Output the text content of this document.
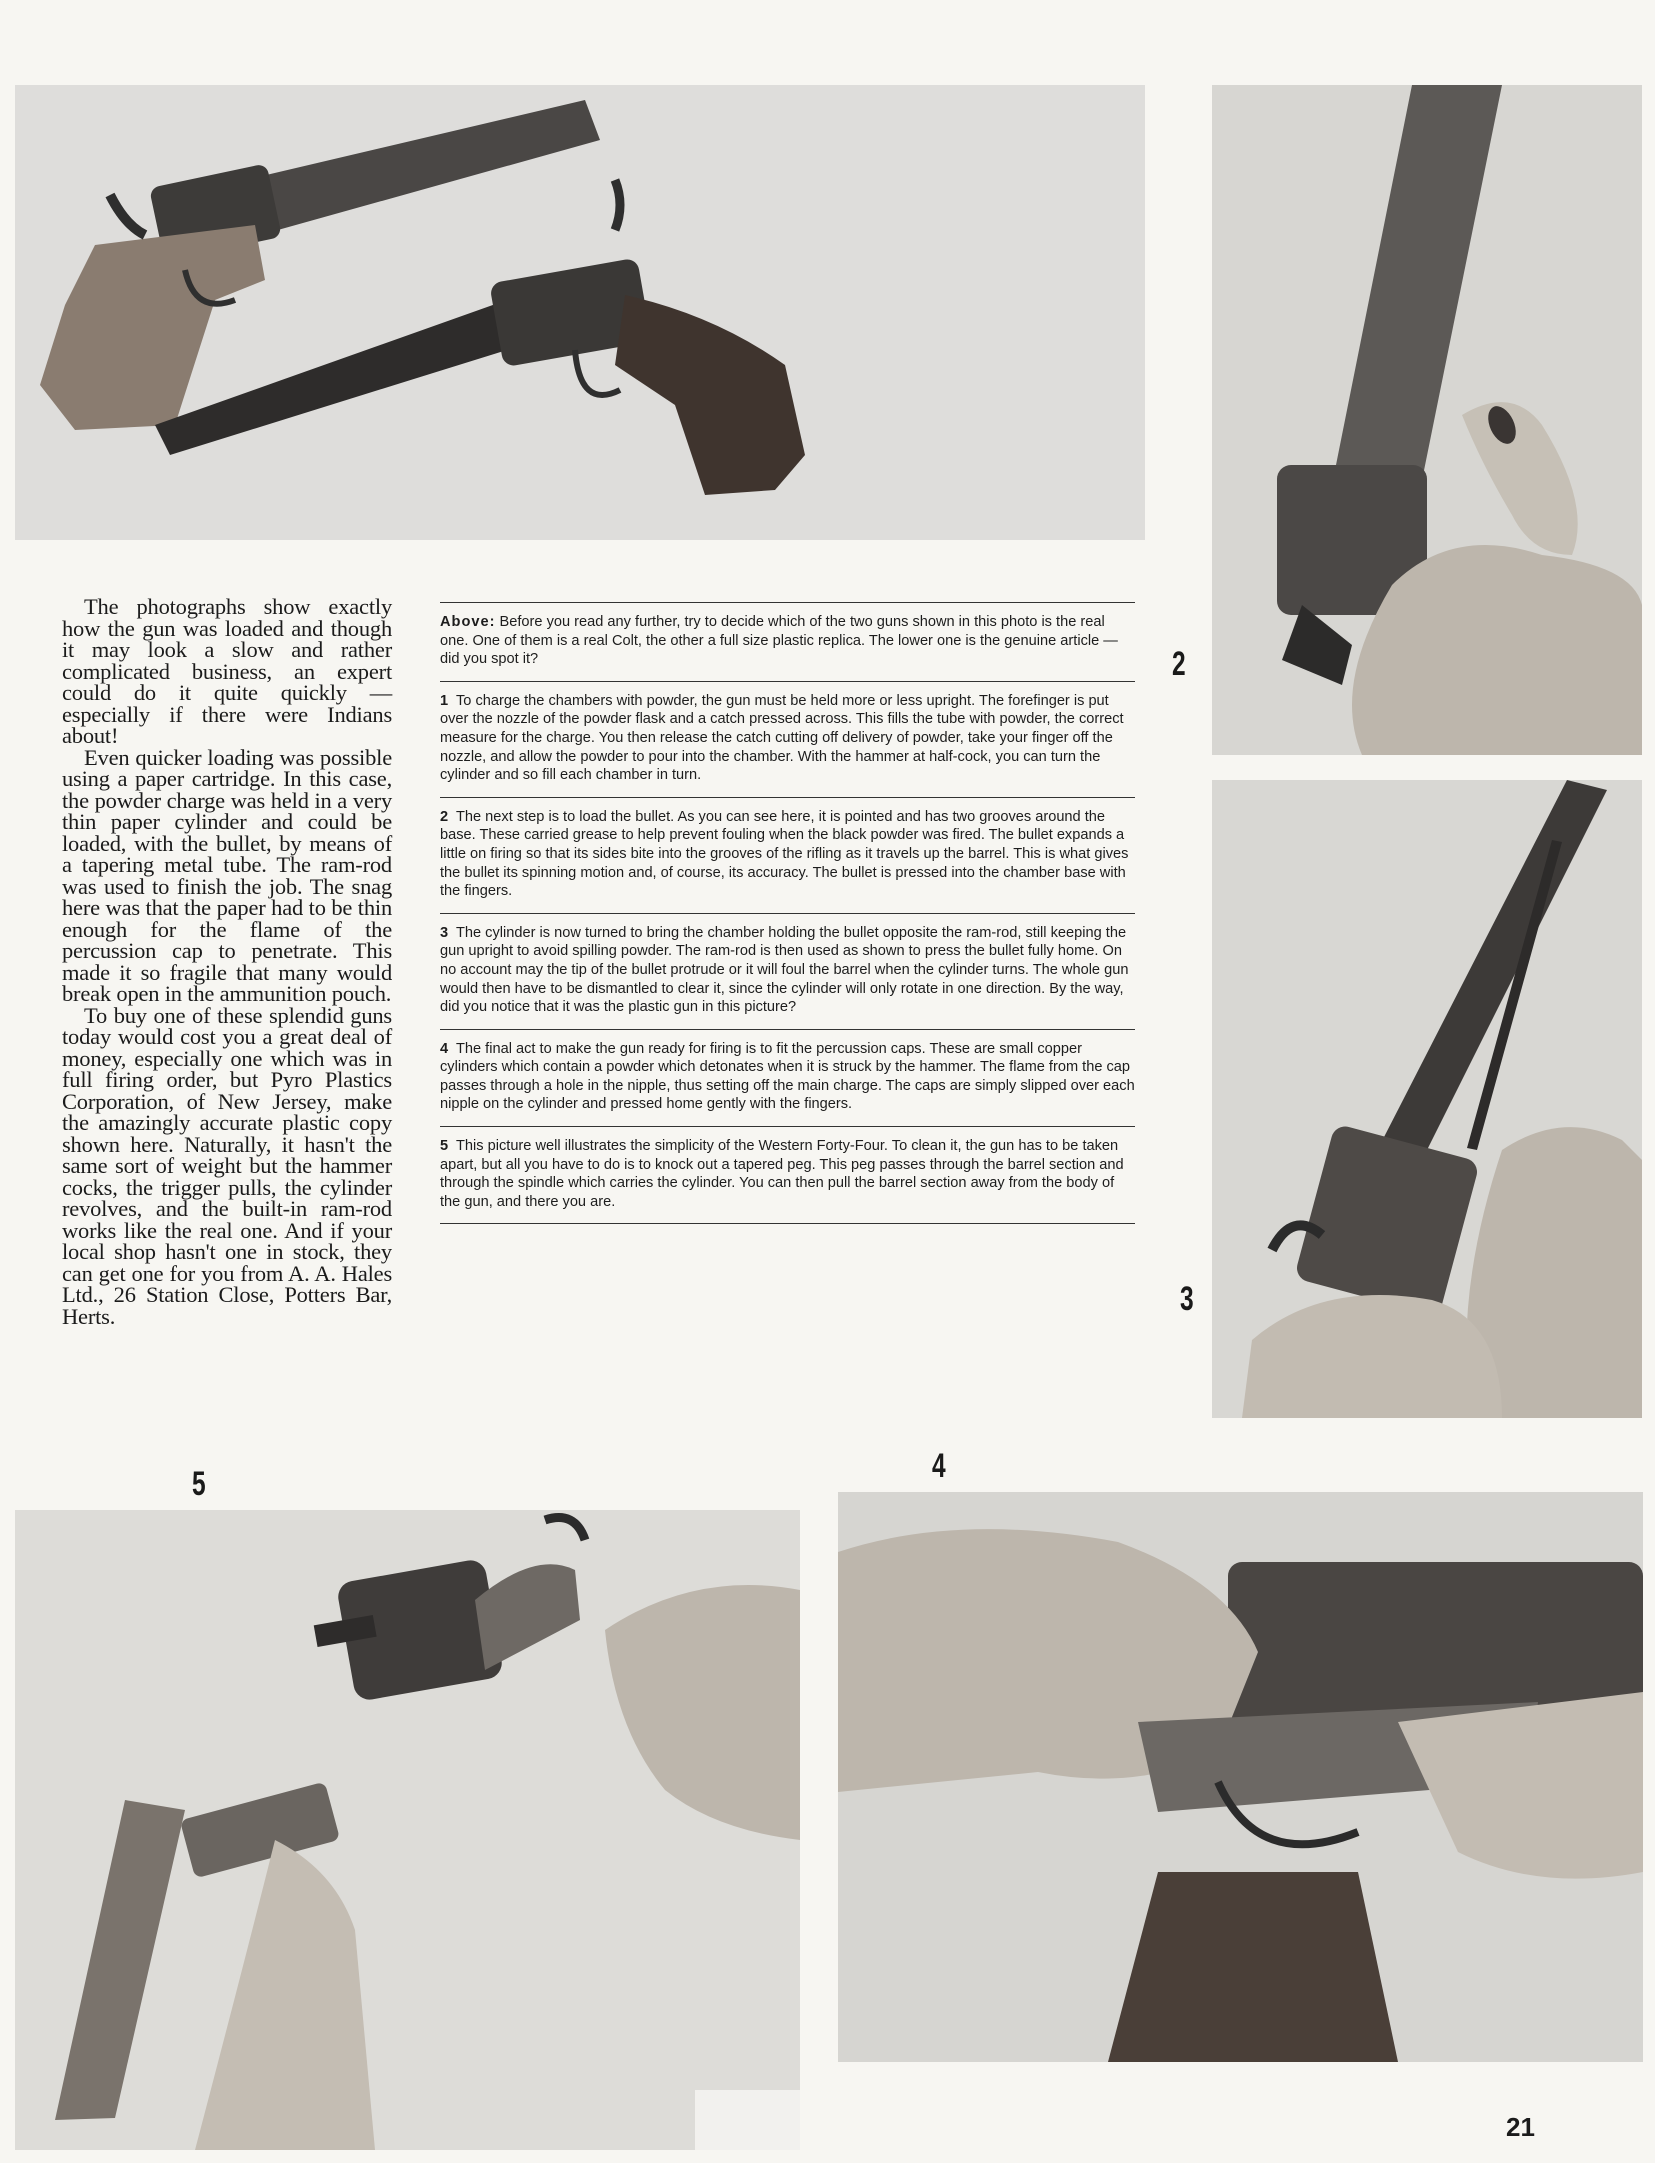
2

3

The photographs show exactly how the gun was loaded and though it may look a slow and rather complicated business, an expert could do it quite quickly —especially if there were Indians about!

Even quicker loading was possible using a paper cartridge. In this case, the powder charge was held in a very thin paper cylinder and could be loaded, with the bullet, by means of a tapering metal tube. The ram-rod was used to finish the job. The snag here was that the paper had to be thin enough for the flame of the percussion cap to penetrate. This made it so fragile that many would break open in the ammunition pouch.

To buy one of these splendid guns today would cost you a great deal of money, especially one which was in full firing order, but Pyro Plastics Corporation, of New Jersey, make the amazingly accurate plastic copy shown here. Naturally, it hasn't the same sort of weight but the hammer cocks, the trigger pulls, the cylinder revolves, and the built-in ram-rod works like the real one. And if your local shop hasn't one in stock, they can get one for you from A. A. Hales Ltd., 26 Station Close, Potters Bar, Herts.

Above: Before you read any further, try to decide which of the two guns shown in this photo is the real one. One of them is a real Colt, the other a full size plastic replica. The lower one is the genuine article — did you spot it?

1 To charge the chambers with powder, the gun must be held more or less upright. The forefinger is put over the nozzle of the powder flask and a catch pressed across. This fills the tube with powder, the correct measure for the charge. You then release the catch cutting off delivery of powder, take your finger off the nozzle, and allow the powder to pour into the chamber. With the hammer at half-cock, you can turn the cylinder and so fill each chamber in turn.

2 The next step is to load the bullet. As you can see here, it is pointed and has two grooves around the base. These carried grease to help prevent fouling when the black powder was fired. The bullet expands a little on firing so that its sides bite into the grooves of the rifling as it travels up the barrel. This is what gives the bullet its spinning motion and, of course, its accuracy. The bullet is pressed into the chamber base with the fingers.

3 The cylinder is now turned to bring the chamber holding the bullet opposite the ram-rod, still keeping the gun upright to avoid spilling powder. The ram-rod is then used as shown to press the bullet fully home. On no account may the tip of the bullet protrude or it will foul the barrel when the cylinder turns. The whole gun would then have to be dismantled to clear it, since the cylinder will only rotate in one direction. By the way, did you notice that it was the plastic gun in this picture?

4 The final act to make the gun ready for firing is to fit the percussion caps. These are small copper cylinders which contain a powder which detonates when it is struck by the hammer. The flame from the cap passes through a hole in the nipple, thus setting off the main charge. The caps are simply slipped over each nipple on the cylinder and pressed home gently with the fingers.

5 This picture well illustrates the simplicity of the Western Forty-Four. To clean it, the gun has to be taken apart, but all you have to do is to knock out a tapered peg. This peg passes through the barrel section and through the spindle which carries the cylinder. You can then pull the barrel section away from the body of the gun, and there you are.

5	4

21
